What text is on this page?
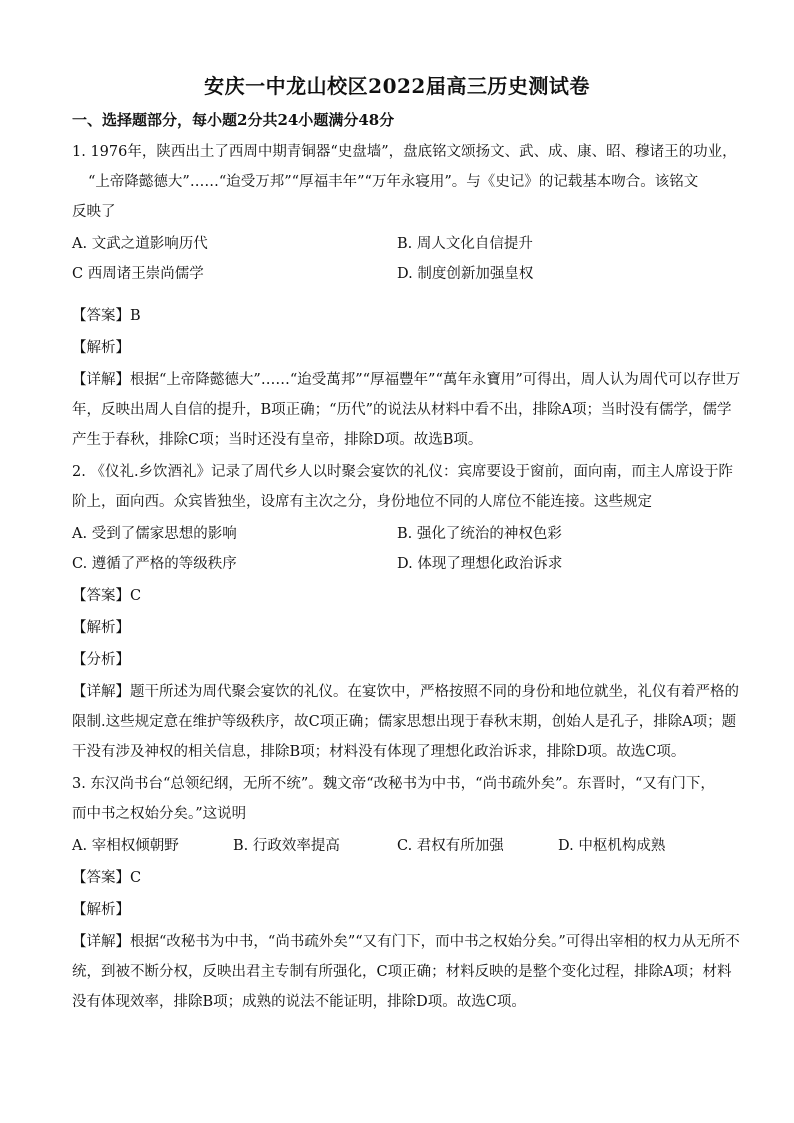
安庆一中龙山校区2022届高三历史测试卷
一、选择题部分，每小题2分共24小题满分48分
1. 1976年，陕西出土了西周中期青铜器“史盘墙”，盘底铭文颂扬文、武、成、康、昭、穆诸王的功业，
“上帝降懿德大”……“迨受万邦”“厚福丰年”“万年永寝用”。与《史记》的记载基本吻合。该铭文
反映了
A. 文武之道影响历代	B. 周人文化自信提升
C 西周诸王崇尚儒学	D. 制度创新加强皇权
【答案】B
【解析】
【详解】根据“上帝降懿德大”……“迨受萬邦”“厚福豐年”“萬年永寶用”可得出，周人认为周代可以存世万
年，反映出周人自信的提升，B项正确；“历代”的说法从材料中看不出，排除A项；当时没有儒学，儒学
产生于春秋，排除C项；当时还没有皇帝，排除D项。故选B项。
2. 《仪礼.乡饮酒礼》记录了周代乡人以时聚会宴饮的礼仪：宾席要设于窗前，面向南，而主人席设于阼
阶上，面向西。众宾皆独坐，设席有主次之分，身份地位不同的人席位不能连接。这些规定
A. 受到了儒家思想的影响	B. 强化了统治的神权色彩
C. 遵循了严格的等级秩序	D. 体现了理想化政治诉求
【答案】C
【解析】
【分析】
【详解】题干所述为周代聚会宴饮的礼仪。在宴饮中，严格按照不同的身份和地位就坐，礼仪有着严格的
限制.这些规定意在维护等级秩序，故C项正确；儒家思想出现于春秋末期，创始人是孔子，排除A项；题
干没有涉及神权的相关信息，排除B项；材料没有体现了理想化政治诉求，排除D项。故选C项。
3. 东汉尚书台“总领纪纲，无所不统”。魏文帝“改秘书为中书，“尚书疏外矣”。东晋时，“又有门下，
而中书之权始分矣。”这说明
A. 宰相权倾朝野	B. 行政效率提高	C. 君权有所加强	D. 中枢机构成熟
【答案】C
【解析】
【详解】根据“改秘书为中书，“尚书疏外矣”“又有门下，而中书之权始分矣。”可得出宰相的权力从无所不
统，到被不断分权，反映出君主专制有所强化，C项正确；材料反映的是整个变化过程，排除A项；材料
没有体现效率，排除B项；成熟的说法不能证明，排除D项。故选C项。
